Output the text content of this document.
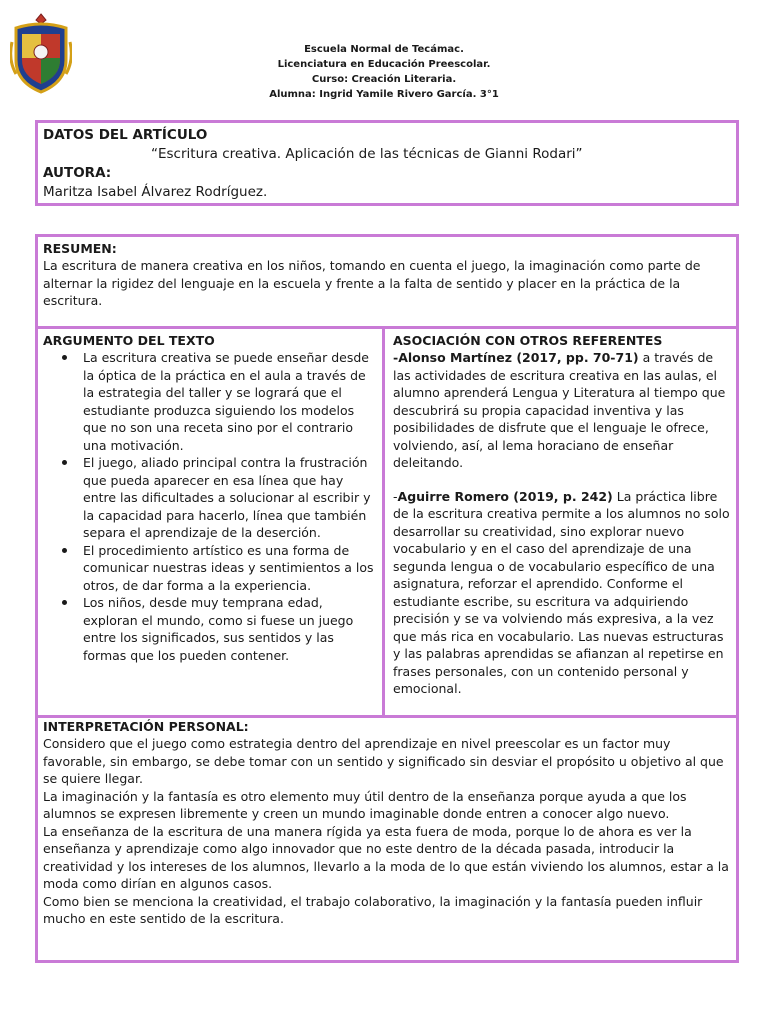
Escuela Normal de Tecámac.
Licenciatura en Educación Preescolar.
Curso: Creación Literaria.
Alumna: Ingrid Yamile Rivero García. 3°1
DATOS DEL ARTÍCULO
“Escritura creativa. Aplicación de las técnicas de Gianni Rodari”
AUTORA:
Maritza Isabel Álvarez Rodríguez.
RESUMEN:
La escritura de manera creativa en los niños, tomando en cuenta el juego, la imaginación como parte de alternar la rigidez del lenguaje en la escuela y frente a la falta de sentido y placer en la práctica de la escritura.
ARGUMENTO DEL TEXTO
La escritura creativa se puede enseñar desde la óptica de la práctica en el aula a través de la estrategia del taller y se logrará que el estudiante produzca siguiendo los modelos que no son una receta sino por el contrario una motivación.
El juego, aliado principal contra la frustración que pueda aparecer en esa línea que hay entre las dificultades a solucionar al escribir y la capacidad para hacerlo, línea que también separa el aprendizaje de la deserción.
El procedimiento artístico es una forma de comunicar nuestras ideas y sentimientos a los otros, de dar forma a la experiencia.
Los niños, desde muy temprana edad, exploran el mundo, como si fuese un juego entre los significados, sus sentidos y las formas que los pueden contener.
ASOCIACIÓN CON OTROS REFERENTES
-Alonso Martínez (2017, pp. 70-71) a través de las actividades de escritura creativa en las aulas, el alumno aprenderá Lengua y Literatura al tiempo que descubrirá su propia capacidad inventiva y las posibilidades de disfrute que el lenguaje le ofrece, volviendo, así, al lema horaciano de enseñar deleitando.
-Aguirre Romero (2019, p. 242) La práctica libre de la escritura creativa permite a los alumnos no solo desarrollar su creatividad, sino explorar nuevo vocabulario y en el caso del aprendizaje de una segunda lengua o de vocabulario específico de una asignatura, reforzar el aprendido. Conforme el estudiante escribe, su escritura va adquiriendo precisión y se va volviendo más expresiva, a la vez que más rica en vocabulario. Las nuevas estructuras y las palabras aprendidas se afianzan al repetirse en frases personales, con un contenido personal y emocional.
INTERPRETACIÓN PERSONAL:

Considero que el juego como estrategia dentro del aprendizaje en nivel preescolar es un factor muy favorable, sin embargo, se debe tomar con un sentido y significado sin desviar el propósito u objetivo al que se quiere llegar.

La imaginación y la fantasía es otro elemento muy útil dentro de la enseñanza porque ayuda a que los alumnos se expresen libremente y creen un mundo imaginable donde entren a conocer algo nuevo.

La enseñanza de la escritura de una manera rígida ya esta fuera de moda, porque lo de ahora es ver la enseñanza y aprendizaje como algo innovador que no este dentro de la década pasada, introducir la creatividad y los intereses de los alumnos, llevarlo a la moda de lo que están viviendo los alumnos, estar a la moda como dirían en algunos casos.

Como bien se menciona la creatividad, el trabajo colaborativo, la imaginación y la fantasía pueden influir mucho en este sentido de la escritura.
